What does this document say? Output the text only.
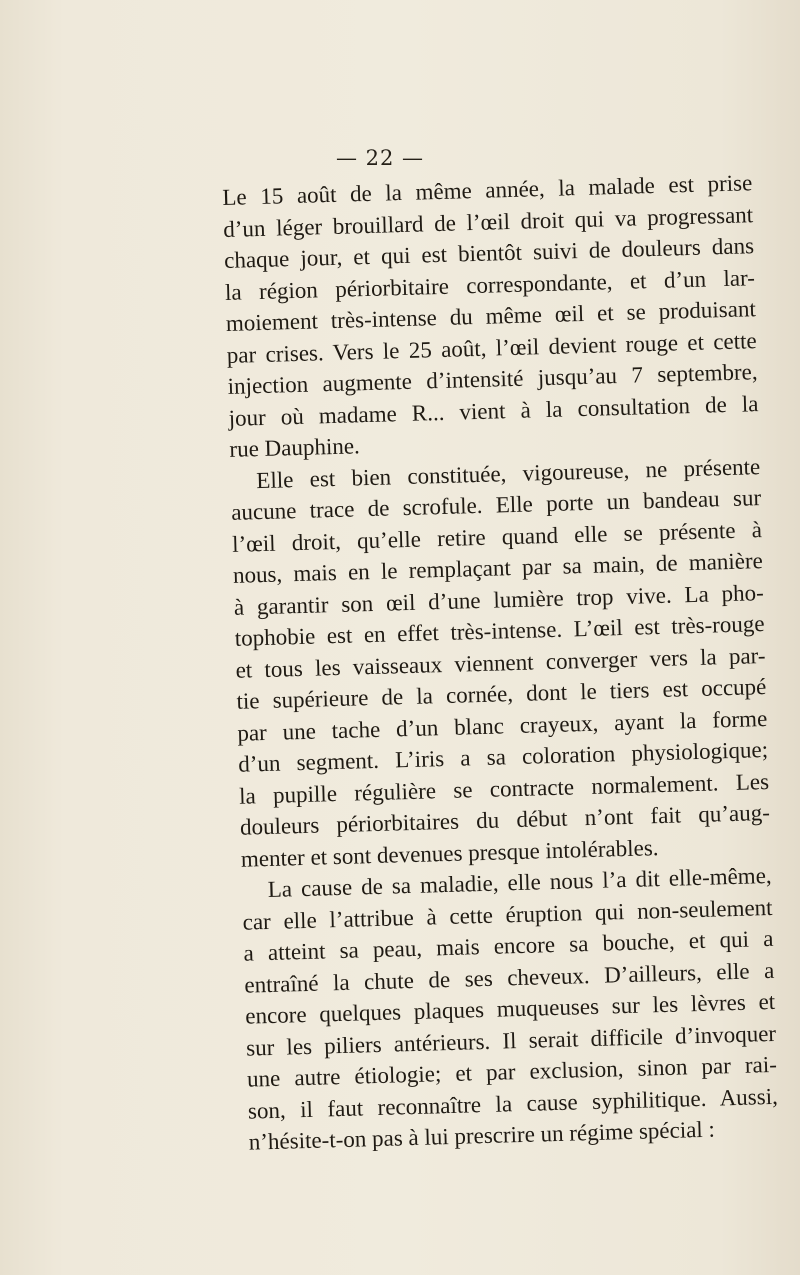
— 22 —
Le 15 août de la même année, la malade est prise
d’un léger brouillard de l’œil droit qui va progressant
chaque jour, et qui est bientôt suivi de douleurs dans
la région périorbitaire correspondante, et d’un lar-
moiement très-intense du même œil et se produisant
par crises. Vers le 25 août, l’œil devient rouge et cette
injection augmente d’intensité jusqu’au 7 septembre,
jour où madame R... vient à la consultation de la
rue Dauphine.
Elle est bien constituée, vigoureuse, ne présente
aucune trace de scrofule. Elle porte un bandeau sur
l’œil droit, qu’elle retire quand elle se présente à
nous, mais en le remplaçant par sa main, de manière
à garantir son œil d’une lumière trop vive. La pho-
tophobie est en effet très-intense. L’œil est très-rouge
et tous les vaisseaux viennent converger vers la par-
tie supérieure de la cornée, dont le tiers est occupé
par une tache d’un blanc crayeux, ayant la forme
d’un segment. L’iris a sa coloration physiologique;
la pupille régulière se contracte normalement. Les
douleurs périorbitaires du début n’ont fait qu’aug-
menter et sont devenues presque intolérables.
La cause de sa maladie, elle nous l’a dit elle-même,
car elle l’attribue à cette éruption qui non-seulement
a atteint sa peau, mais encore sa bouche, et qui a
entraîné la chute de ses cheveux. D’ailleurs, elle a
encore quelques plaques muqueuses sur les lèvres et
sur les piliers antérieurs. Il serait difficile d’invoquer
une autre étiologie; et par exclusion, sinon par rai-
son, il faut reconnaître la cause syphilitique. Aussi,
n’hésite-t-on pas à lui prescrire un régime spécial :
